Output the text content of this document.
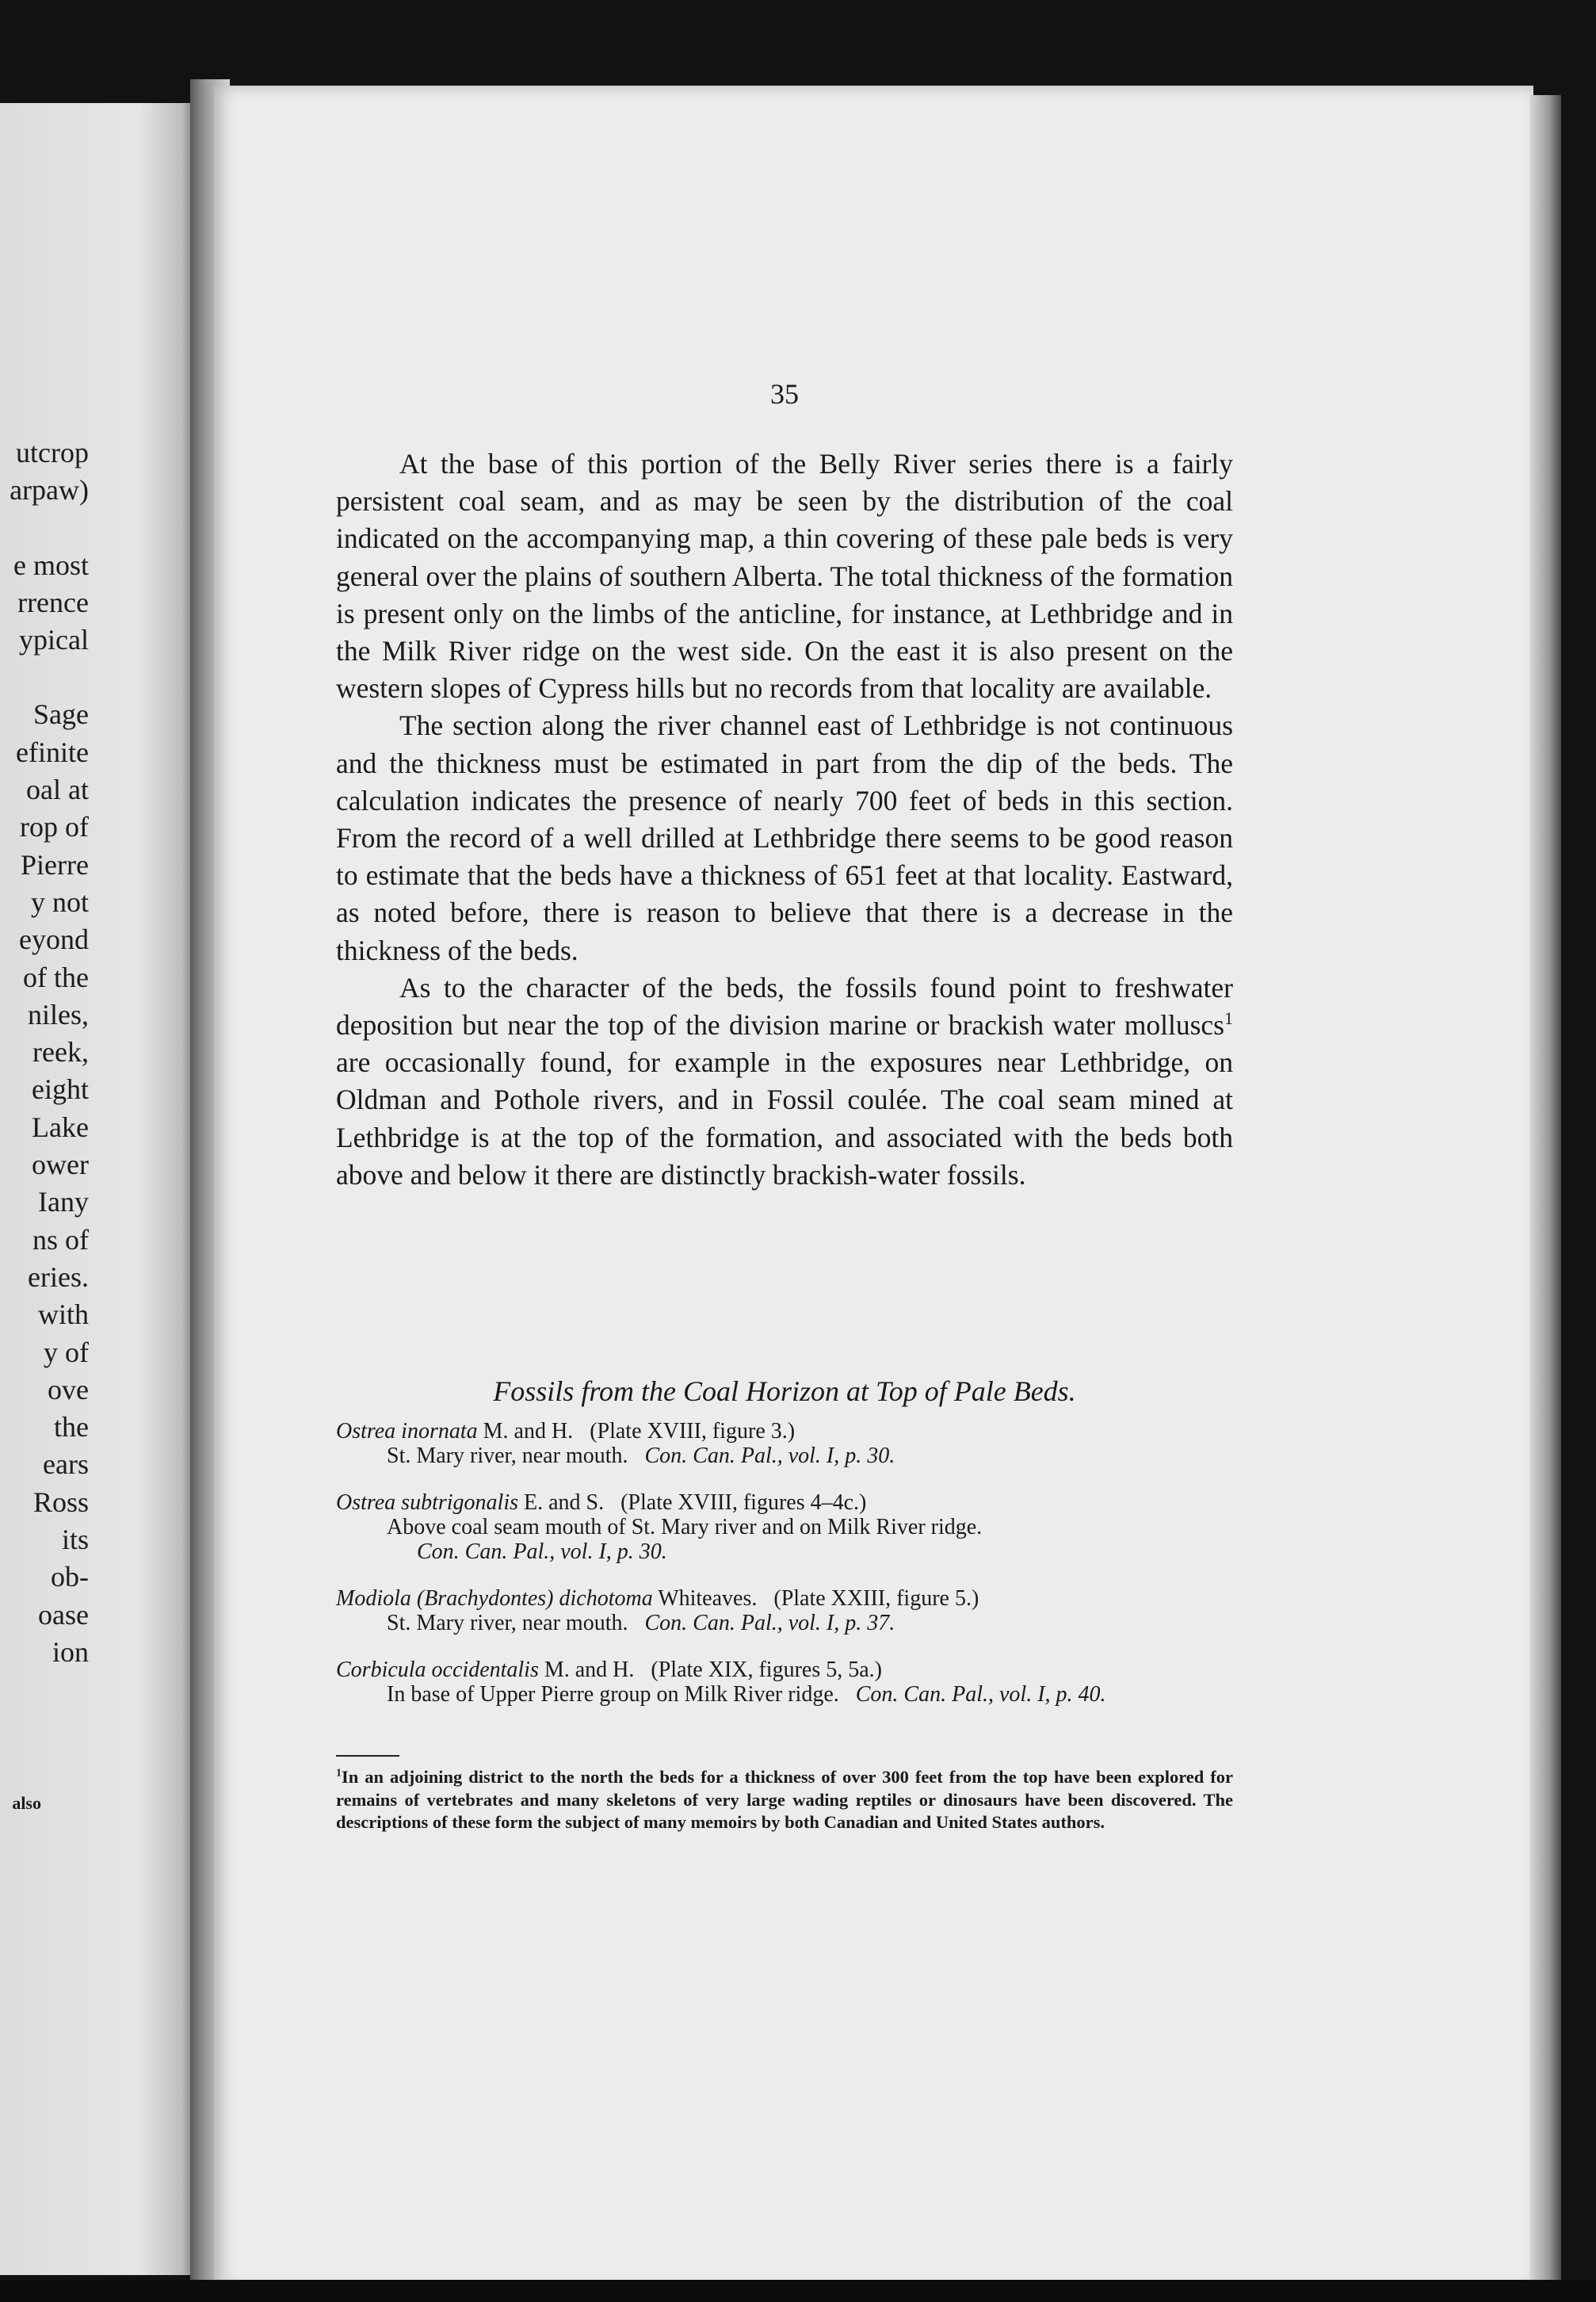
utcrop
arpaw)
e most
rrence
ypical
Sage
efinite
oal at
rop of
Pierre
y not
eyond
of the
niles,
reek,
eight
Lake
ower
Iany
ns of
eries.
with
y of
ove
the
ears
Ross
its
ob-
oase
ion
also
35

At the base of this portion of the Belly River series there is a fairly persistent coal seam, and as may be seen by the distribution of the coal indicated on the accompanying map, a thin covering of these pale beds is very general over the plains of southern Alberta. The total thickness of the formation is present only on the limbs of the anticline, for instance, at Lethbridge and in the Milk River ridge on the west side. On the east it is also present on the western slopes of Cypress hills but no records from that locality are available.

The section along the river channel east of Lethbridge is not continuous and the thickness must be estimated in part from the dip of the beds. The calculation indicates the presence of nearly 700 feet of beds in this section. From the record of a well drilled at Lethbridge there seems to be good reason to estimate that the beds have a thickness of 651 feet at that locality. Eastward, as noted before, there is reason to believe that there is a decrease in the thickness of the beds.

As to the character of the beds, the fossils found point to freshwater deposition but near the top of the division marine or brackish water molluscs$^1$ are occasionally found, for example in the exposures near Lethbridge, on Oldman and Pothole rivers, and in Fossil coulée. The coal seam mined at Lethbridge is at the top of the formation, and associated with the beds both above and below it there are distinctly brackish-water fossils.

Fossils from the Coal Horizon at Top of Pale Beds.
Ostrea inornata M. and H. (Plate XVIII, figure 3.)
St. Mary river, near mouth. Con. Can. Pal., vol. I, p. 30.
Ostrea subtrigonalis E. and S. (Plate XVIII, figures 4–4c.)
Above coal seam mouth of St. Mary river and on Milk River ridge.
Con. Can. Pal., vol. I, p. 30.
Modiola (Brachydontes) dichotoma Whiteaves. (Plate XXIII, figure 5.)
St. Mary river, near mouth. Con. Can. Pal., vol. I, p. 37.
Corbicula occidentalis M. and H. (Plate XIX, figures 5, 5a.)
In base of Upper Pierre group on Milk River ridge. Con. Can. Pal., vol. I, p. 40.
$^1$In an adjoining district to the north the beds for a thickness of over 300 feet from the top have been explored for remains of vertebrates and many skeletons of very large wading reptiles or dinosaurs have been discovered. The descriptions of these form the subject of many memoirs by both Canadian and United States authors.
